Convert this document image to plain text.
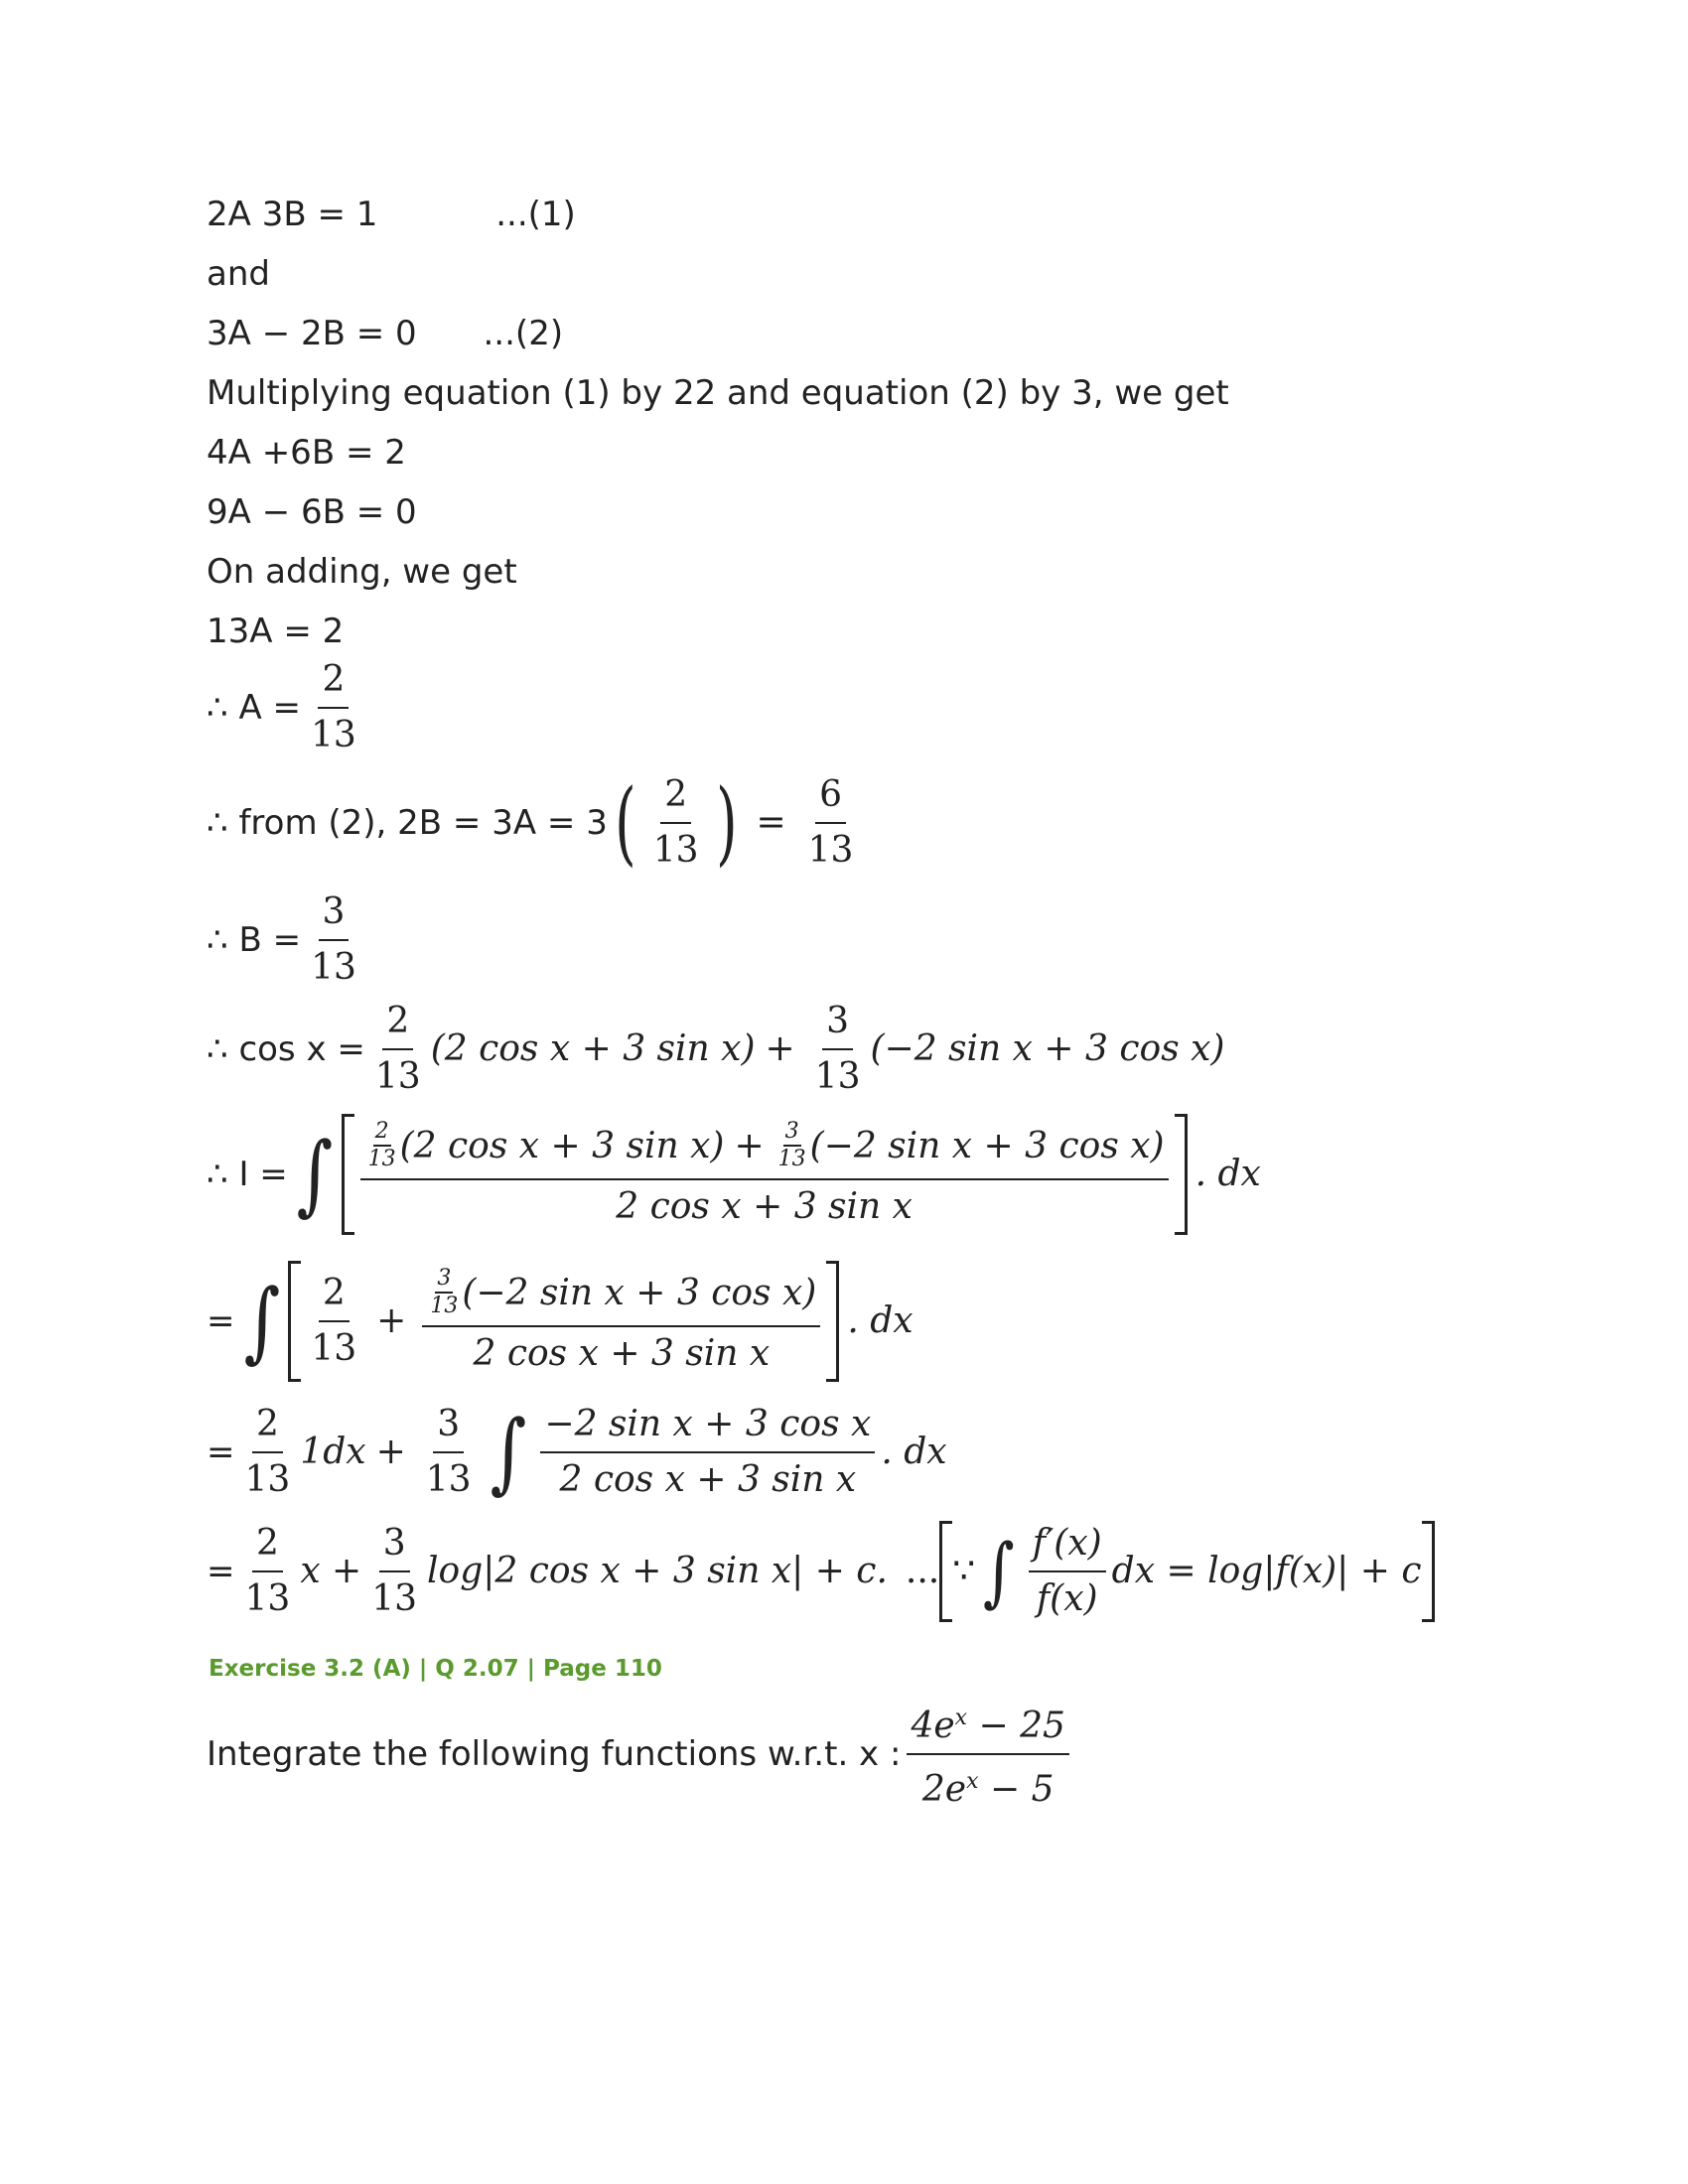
2A 3B = 1	...(1)
and
3A − 2B = 0 ...(2)
Multiplying equation (1) by 22 and equation (2) by 3, we get
4A +6B = 2
9A − 6B = 0
On adding, we get
13A = 2
∴ $A = \frac{2}{13}$
∴ from (2), 2B = 3A = 3 ( $\frac{2}{13}$ ) = $\frac{6}{13}$
∴ $B = \frac{3}{13}$
∴ $\cos x = \frac{2}{13} (2$ cos x + 3 $\sin x) + \frac{3}{13} (-2$ sin x + 3 cos x)
∴ I = ∫ $\frac{2}{13} (2$ cos x + 3 $\sin x) + \frac{3}{13} (-2$ sin x + 3 cos x)
2 cos x + 3 sin x
. dx
= ∫ $\frac{2}{13} + \frac{\frac{3}{13} (-2 \sin x + 3 \cos x)}{\text{2 cos x + 3 sin x}}$ . dx
= $\frac{2}{13} 1dx + \frac{3}{13}$ ∫ $\frac{\text{−2 sin x + 3 cos x}}{\text{2 cos x + 3 sin x}}$ . dx
= $\frac{2}{13}$ $x + \frac{3}{13} \log|2$ cos x + 3 sin x| + c. ... ∵ ∫ $\frac{f'(x)}{f(x)}$ dx = log|f(x)| + c
Exercise 3.2 (A) | Q 2.07 | Page 110
Integrate the following functions w.r.t. x : $\frac{4e^x - 25}{2e^x - 5}$
